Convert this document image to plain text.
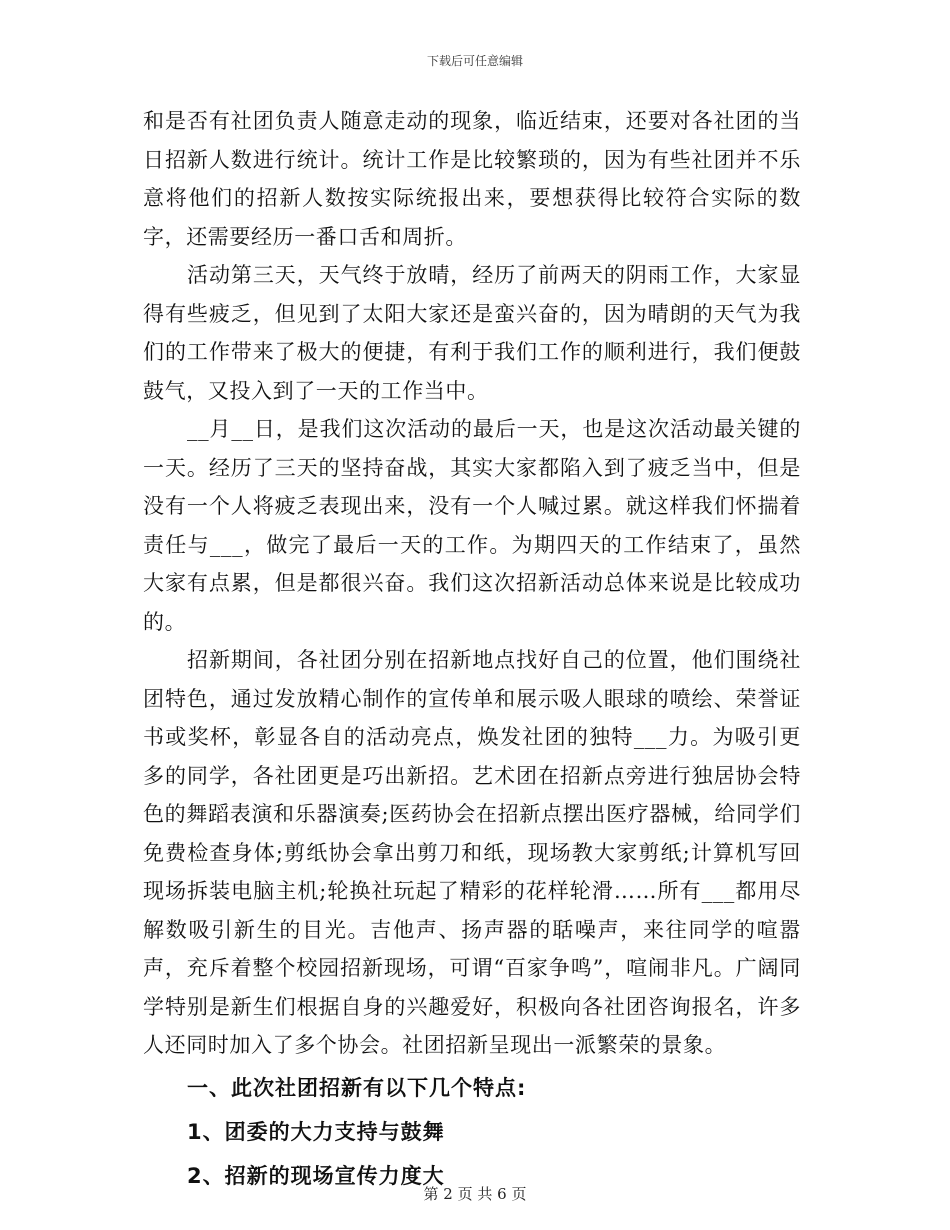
下载后可任意编辑

和是否有社团负责人随意走动的现象，临近结束，还要对各社团的当日招新人数进行统计。统计工作是比较繁琐的，因为有些社团并不乐意将他们的招新人数按实际统报出来，要想获得比较符合实际的数字，还需要经历一番口舌和周折。

活动第三天，天气终于放晴，经历了前两天的阴雨工作，大家显得有些疲乏，但见到了太阳大家还是蛮兴奋的，因为晴朗的天气为我们的工作带来了极大的便捷，有利于我们工作的顺利进行，我们便鼓鼓气，又投入到了一天的工作当中。

__月__日，是我们这次活动的最后一天，也是这次活动最关键的一天。经历了三天的坚持奋战，其实大家都陷入到了疲乏当中，但是没有一个人将疲乏表现出来，没有一个人喊过累。就这样我们怀揣着责任与___，做完了最后一天的工作。为期四天的工作结束了，虽然大家有点累，但是都很兴奋。我们这次招新活动总体来说是比较成功的。

招新期间，各社团分别在招新地点找好自己的位置，他们围绕社团特色，通过发放精心制作的宣传单和展示吸人眼球的喷绘、荣誉证书或奖杯，彰显各自的活动亮点，焕发社团的独特___力。为吸引更多的同学，各社团更是巧出新招。艺术团在招新点旁进行独居协会特色的舞蹈表演和乐器演奏;医药协会在招新点摆出医疗器械，给同学们免费检查身体;剪纸协会拿出剪刀和纸，现场教大家剪纸;计算机写回现场拆装电脑主机;轮换社玩起了精彩的花样轮滑……所有___都用尽解数吸引新生的目光。吉他声、扬声器的聒噪声，来往同学的喧嚣声，充斥着整个校园招新现场，可谓“百家争鸣”，喧闹非凡。广阔同学特别是新生们根据自身的兴趣爱好，积极向各社团咨询报名，许多人还同时加入了多个协会。社团招新呈现出一派繁荣的景象。

一、此次社团招新有以下几个特点:

1、团委的大力支持与鼓舞

2、招新的现场宣传力度大

第 2 页 共 6 页
